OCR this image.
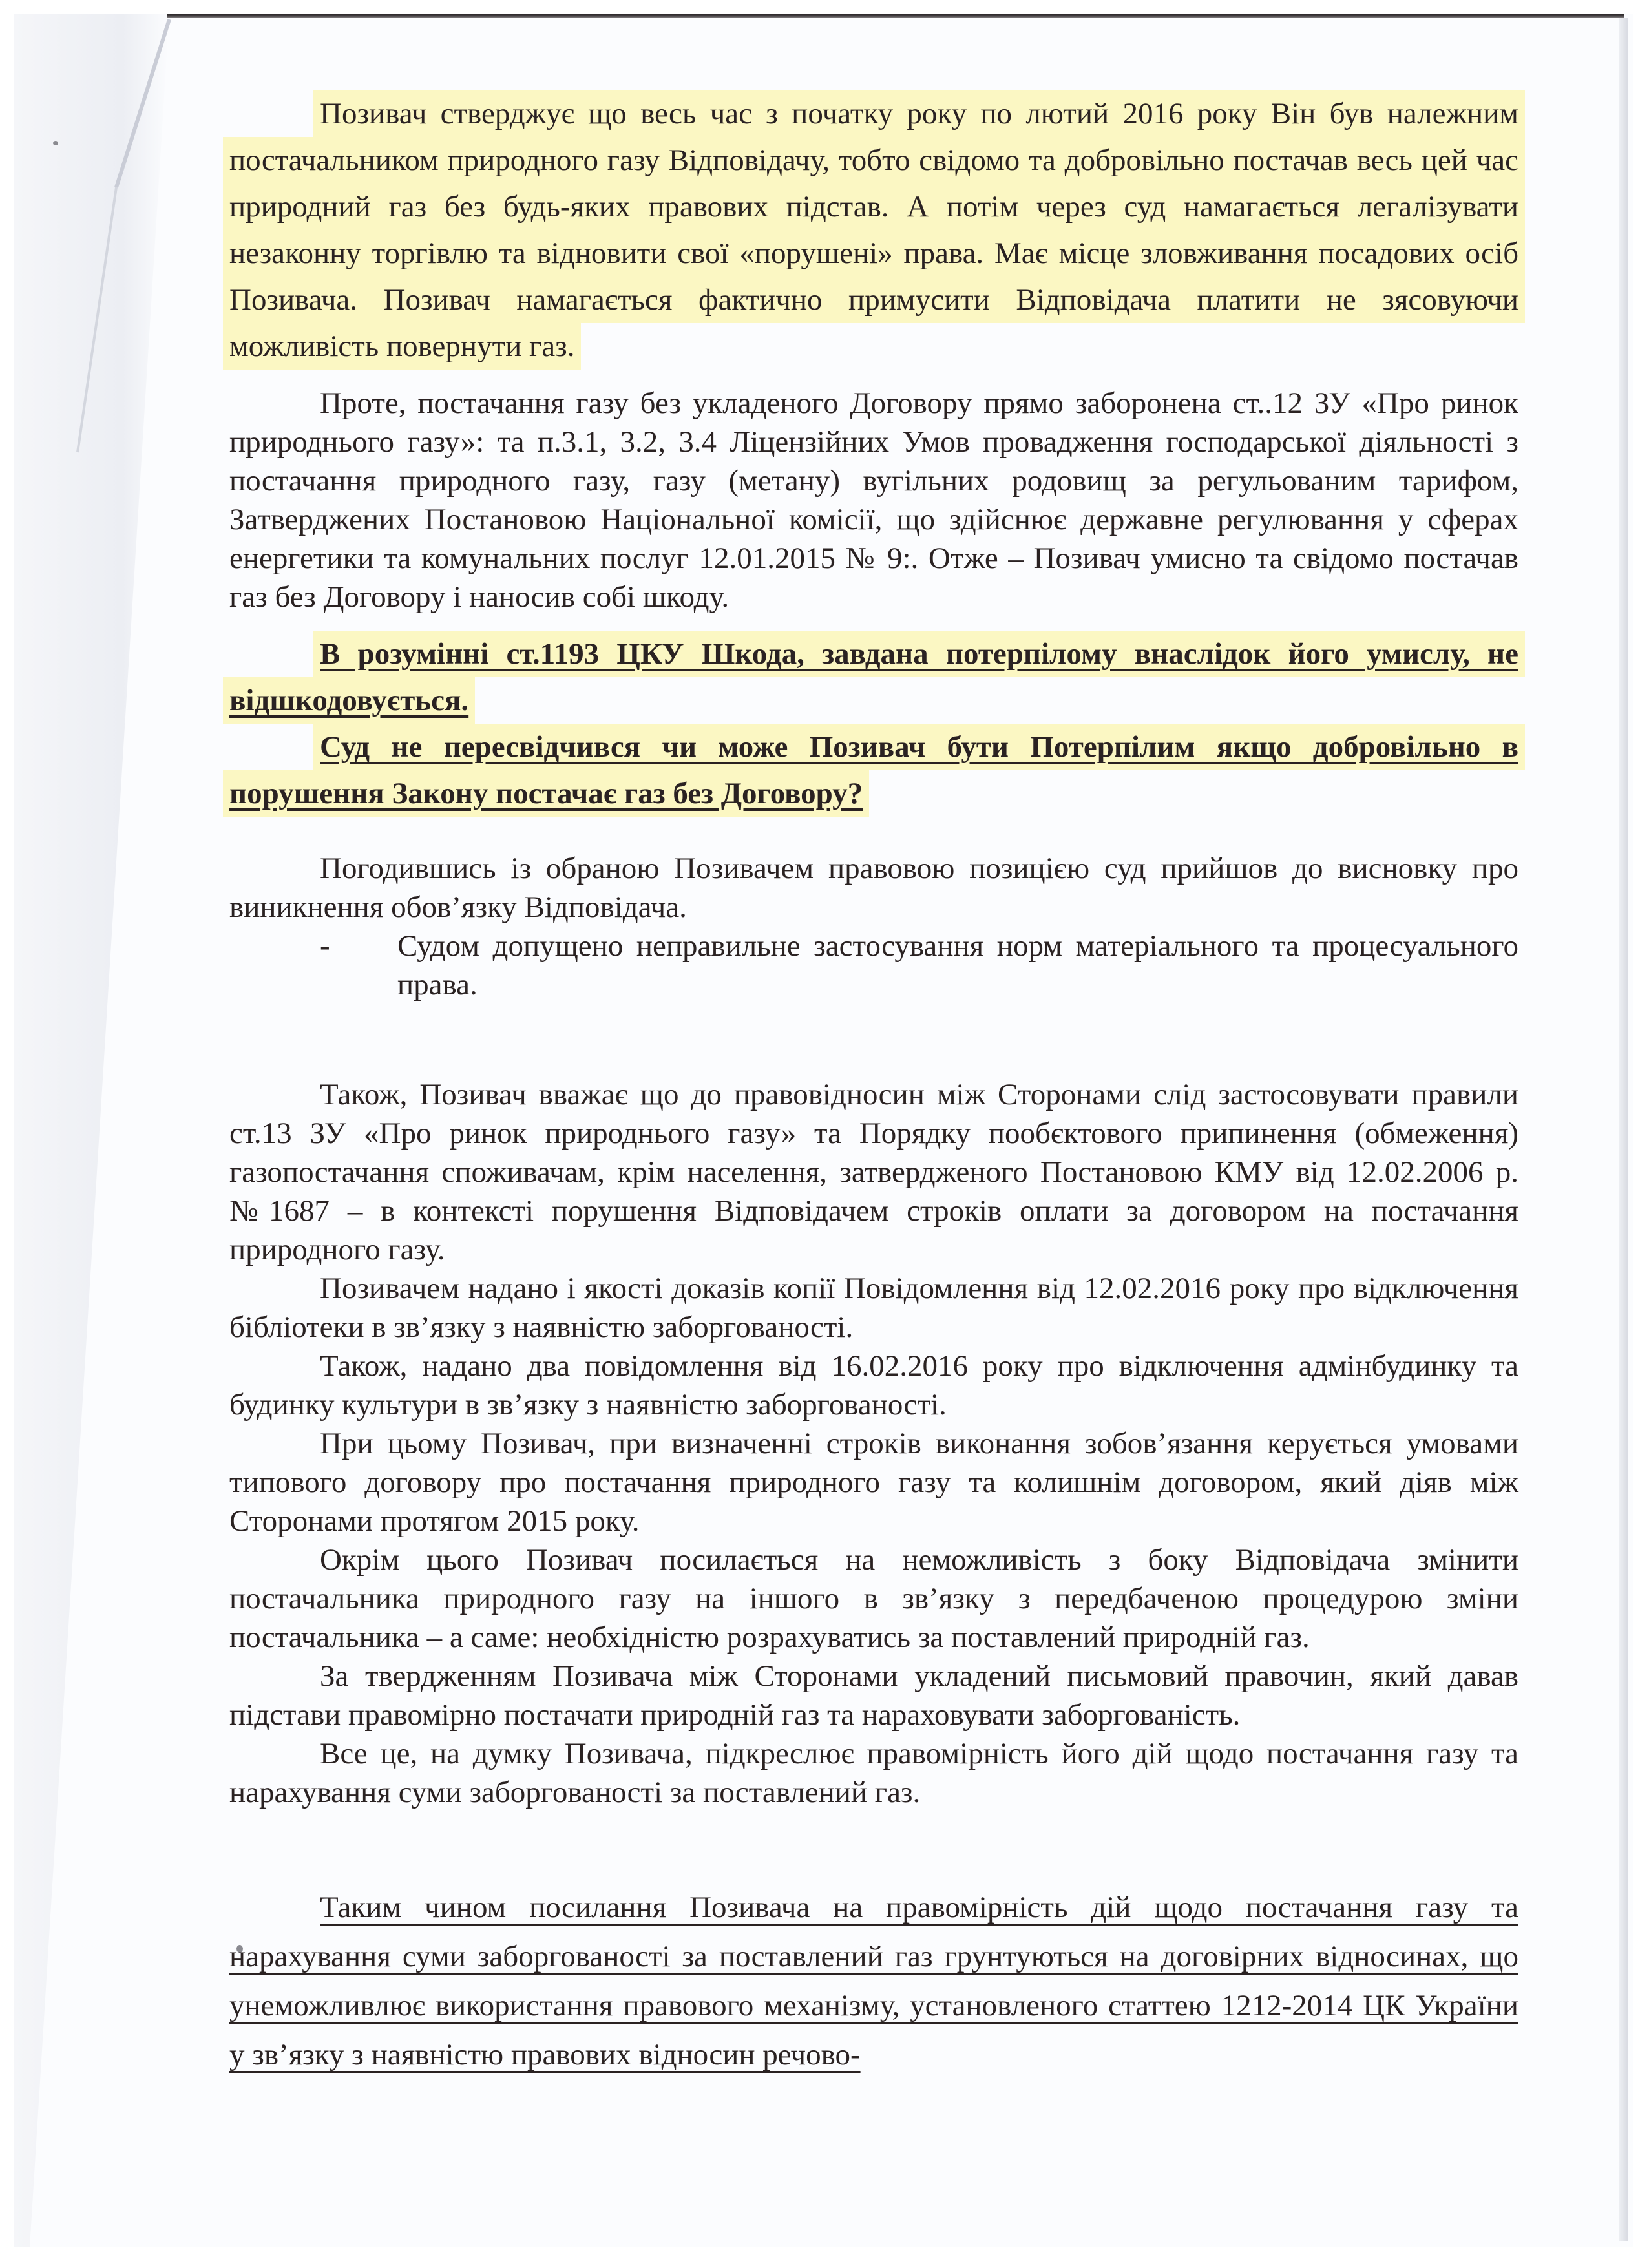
Позивач стверджує що весь час з початку року по лютий 2016 року Він був належним постачальником природного газу Відповідачу, тобто свідомо та добровільно постачав весь цей час природний газ без будь-яких правових підстав. А потім через суд намагається легалізувати незаконну торгівлю та відновити свої «порушені» права. Має місце зловживання посадових осіб Позивача. Позивач намагається фактично примусити Відповідача платити не зясовуючи можливість повернути газ.

Проте, постачання газу без укладеного Договору прямо заборонена ст..12 ЗУ «Про ринок природнього газу»: та п.3.1, 3.2, 3.4 Ліцензійних Умов провадження господарської діяльності з постачання природного газу, газу (метану) вугільних родовищ за регульованим тарифом, Затверджених Постановою Національної комісії, що здійснює державне регулювання у сферах енергетики та комунальних послуг 12.01.2015 № 9:. Отже – Позивач умисно та свідомо постачав газ без Договору і наносив собі шкоду.

В розумінні ст.1193 ЦКУ Шкода, завдана потерпілому внаслідок його умислу, не відшкодовується.

Суд не пересвідчився чи може Позивач бути Потерпілим якщо добровільно в порушення Закону постачає газ без Договору?

Погодившись із обраною Позивачем правовою позицією суд прийшов до висновку про виникнення обов’язку Відповідача.

-	Судом допущено неправильне застосування норм матеріального та процесуального права.

Також, Позивач вважає що до правовідносин між Сторонами слід застосовувати правили ст.13 ЗУ «Про ринок природнього газу» та Порядку пообєктового припинення (обмеження) газопостачання споживачам, крім населення, затвердженого Постановою КМУ від 12.02.2006 р. №1687 – в контексті порушення Відповідачем строків оплати за договором на постачання природного газу.

Позивачем надано і якості доказів копії Повідомлення від 12.02.2016 року про відключення бібліотеки в зв’язку з наявністю заборгованості.

Також, надано два повідомлення від 16.02.2016 року про відключення адмінбудинку та будинку культури в зв’язку з наявністю заборгованості.

При цьому Позивач, при визначенні строків виконання зобов’язання керується умовами типового договору про постачання природного газу та колишнім договором, який діяв між Сторонами протягом 2015 року.

Окрім цього Позивач посилається на неможливість з боку Відповідача змінити постачальника природного газу на іншого в зв’язку з передбаченою процедурою зміни постачальника – а саме: необхідністю розрахуватись за поставлений природній газ.

За твердженням Позивача між Сторонами укладений письмовий правочин, який давав підстави правомірно постачати природній газ та нараховувати заборгованість.

Все це, на думку Позивача, підкреслює правомірність його дій щодо постачання газу та нарахування суми заборгованості за поставлений газ.

Таким чином посилання Позивача на правомірність дій щодо постачання газу та нарахування суми заборгованості за поставлений газ грунтуються на договірних відносинах, що унеможливлює використання правового механізму, установленого статтею 1212-2014 ЦК України у зв’язку з наявністю правових відносин речово-
